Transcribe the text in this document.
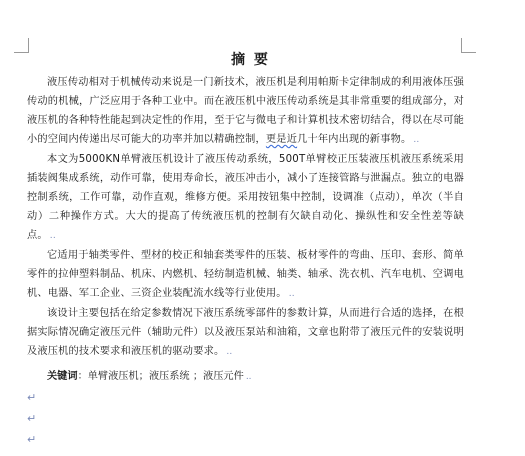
摘 要

液压传动相对于机械传动来说是一门新技术，液压机是利用帕斯卡定律制成的利用液体压强传动的机械，广泛应用于各种工业中。而在液压机中液压传动系统是其非常重要的组成部分，对液压机的各种特性能起到决定性的作用，至于它与微电子和计算机技术密切结合，得以在尽可能小的空间内传递出尽可能大的功率并加以精确控制，更是近几十年内出现的新事物。 ..

本文为5000KN单臂液压机设计了液压传动系统，500T单臂校正压装液压机液压系统采用插装阀集成系统，动作可靠，使用寿命长，液压冲击小，减小了连接管路与泄漏点。独立的电器控制系统，工作可靠，动作直观，维修方便。采用按钮集中控制，设调准（点动），单次（半自动）二种操作方式。大大的提高了传统液压机的控制有欠缺自动化、操纵性和安全性差等缺点。 ..

它适用于轴类零件、型材的校正和轴套类零件的压装、板材零件的弯曲、压印、套形、简单零件的拉伸塑料制品、机床、内燃机、轻纺制造机械、轴类、轴承、洗衣机、汽车电机、空调电机、电器、军工企业、三资企业装配流水线等行业使用。 ..

该设计主要包括在给定参数情况下液压系统零部件的参数计算，从而进行合适的选择，在根据实际情况确定液压元件（辅助元件）以及液压泵站和油箱，文章也附带了液压元件的安装说明及液压机的技术要求和液压机的驱动要求。 ..

关键词：单臂液压机；液压系统 ；液压元件 ..
↵
↵
↵
